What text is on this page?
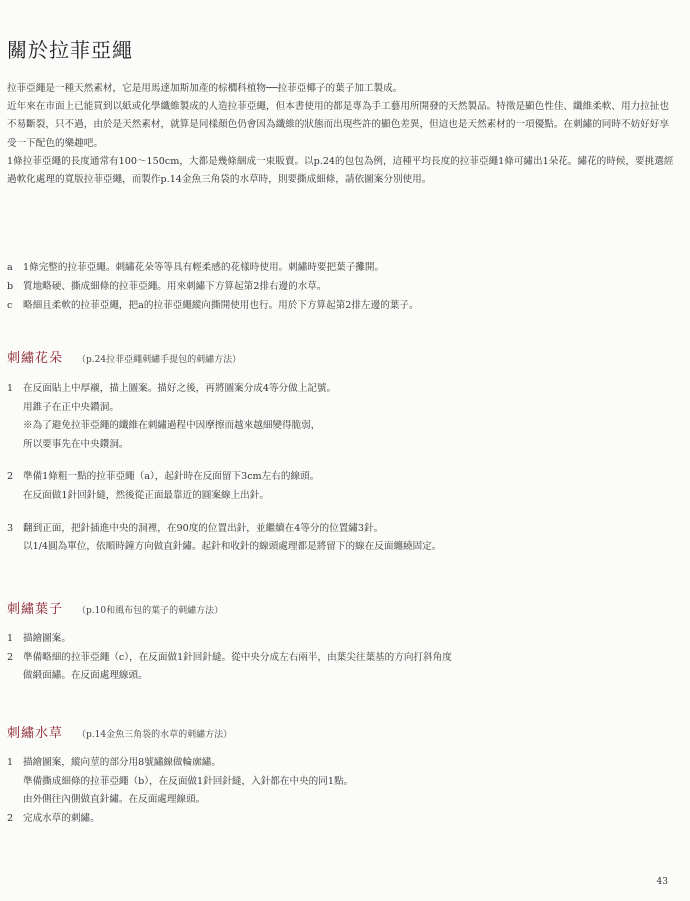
關於拉菲亞繩

拉菲亞繩是一種天然素材，它是用馬達加斯加產的棕櫚科植物──拉菲亞椰子的葉子加工製成。

近年來在市面上已能買到以紙或化學纖維製成的人造拉菲亞繩，但本書使用的都是專為手工藝用所開發的天然製品。特徵是顯色性佳、纖維柔軟、用力拉扯也不易斷裂，只不過，由於是天然素材，就算是同樣顏色仍會因為纖維的狀態而出現些許的顯色差異，但這也是天然素材的一項優點。在刺繡的同時不妨好好享受一下配色的樂趣吧。

1條拉菲亞繩的長度通常有100～150cm，大都是幾條綑成一束販賣。以p.24的包包為例，這種平均長度的拉菲亞繩1條可繡出1朵花。繡花的時候，要挑選經過軟化處理的寬版拉菲亞繩，而製作p.14金魚三角袋的水草時，則要撕成細條，請依圖案分別使用。

a	1條完整的拉菲亞繩。刺繡花朵等等具有輕柔感的花樣時使用。刺繡時要把葉子攤開。
b	質地略硬、撕成細條的拉菲亞繩。用來刺繡下方算起第2排右邊的水草。
c	略細且柔軟的拉菲亞繩，把a的拉菲亞繩縱向撕開使用也行。用於下方算起第2排左邊的葉子。
刺繡花朵 （p.24拉菲亞繩刺繡手提包的刺繡方法）
1	在反面貼上中厚襯，描上圖案。描好之後，再將圖案分成4等分做上記號。

用錐子在正中央鑽洞。

※為了避免拉菲亞繩的纖維在刺繡過程中因摩擦而越來越細變得脆弱，

所以要事先在中央鑽洞。

2	準備1條粗一點的拉菲亞繩（a），起針時在反面留下3cm左右的線頭。

在反面做1針回針縫，然後從正面最靠近的圓案線上出針。

3	翻到正面，把針插進中央的洞裡，在90度的位置出針，並繼續在4等分的位置繡3針。

以1/4圓為單位，依順時鐘方向做直針繡。起針和收針的線頭處理都是將留下的線在反面纏繞固定。

刺繡葉子 （p.10和風布包的葉子的刺繡方法）
1	描繪圖案。

2	準備略細的拉菲亞繩（c），在反面做1針回針縫。從中央分成左右兩半，由葉尖往葉基的方向打斜角度

做緞面繡。在反面處理線頭。

刺繡水草 （p.14金魚三角袋的水草的刺繡方法）
1	描繪圖案，縱向莖的部分用8號繡線做輪廓繡。

準備撕成細條的拉菲亞繩（b），在反面做1針回針縫，入針都在中央的同1點。

由外側往內側做直針繡。在反面處理線頭。

2	完成水草的刺繡。

43
